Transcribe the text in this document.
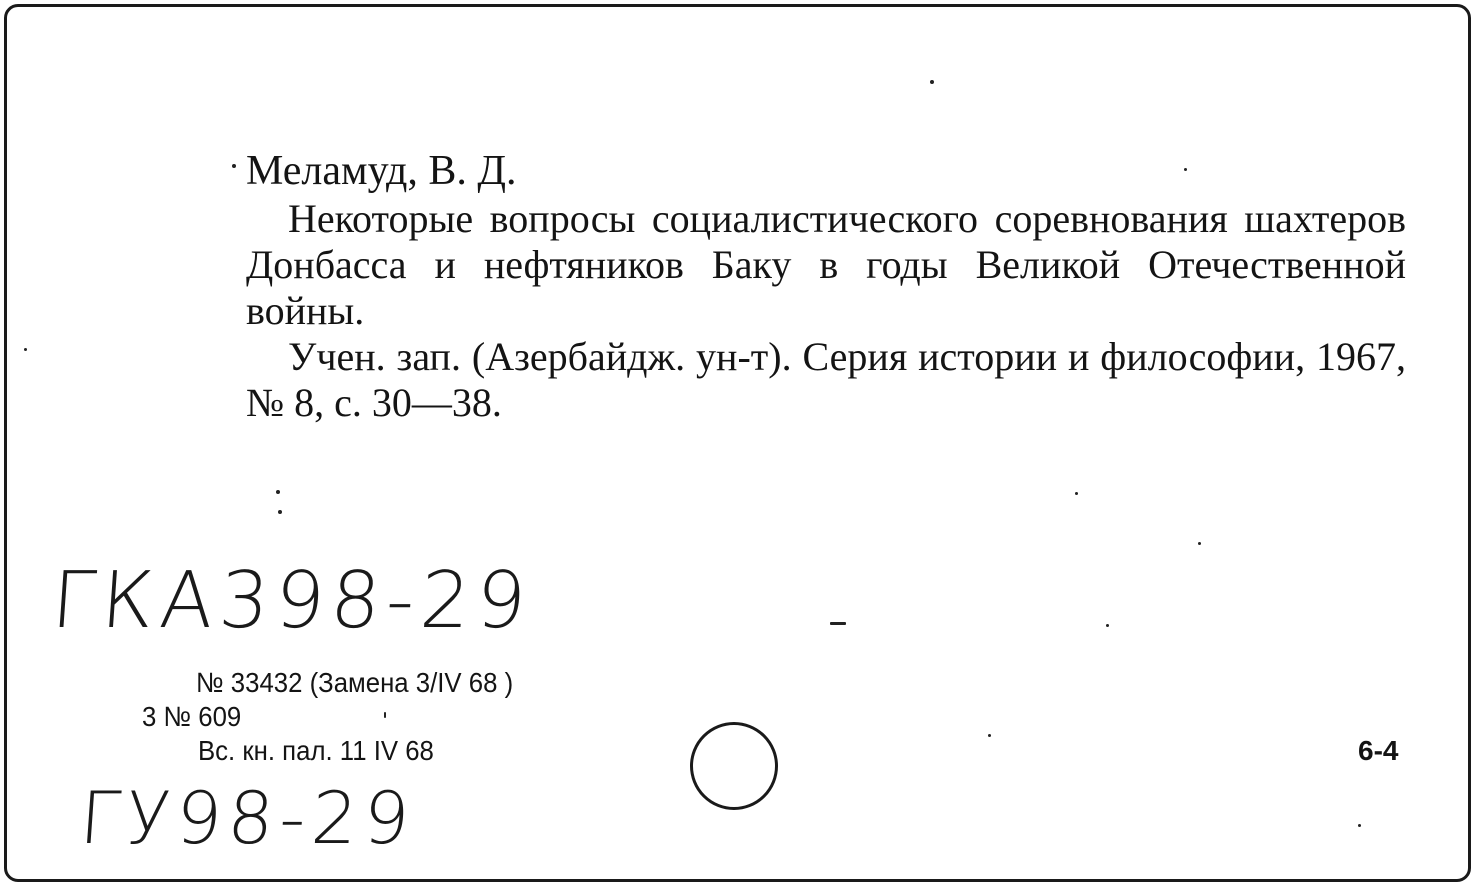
Меламуд, В. Д.

Некоторые вопросы социалистического соревнования шахтеров Донбасса и нефтяников Баку в годы Великой Отечественной войны.

Учен. зап. (Азербайдж. ун-т). Серия истории и философии, 1967, № 8, с. 30—38.

ГКА398-29
№ 33432 (Замена 3/IV 68 )
3 № 609
Вс. кн. пал. 11 IV 68	6-4
ГУ98-29
